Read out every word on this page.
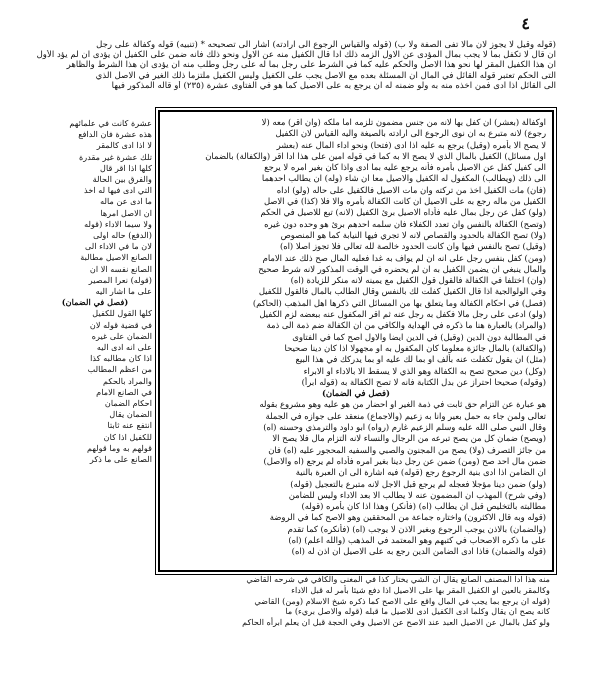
٤

(قوله وقيل لا يجوز لان مالا تفى الصفة ولا ب) (قوله والقياس الرجوع الى ارادته) أشار الى تصحيحه * (تنبيه) قوله وكفالة على رجل

ان قال لا تكفل بما لا يجب بمال المؤدى عن الاول الزمه ذلك ادا قال الكفيل منه عن الاول ونحو ذلك فأنه ضمن على الكفيل ان يؤدى ان لم يؤد الأول

ان هذا الكفيل المقر لها نحو هذا الاصل والحكم عليه كما في الشرط على رجل بما له على رجل وطلب منه ان يؤدى ان هذا الشرط والظاهر

التى الحكم تعتبر قوله القائل في المال ان المسئلة بعده مع الاصل يجب على الكفيل وليس الكفيل ملتزما ذلك الغير في الاصل الذي

الى القائل اذا ادى فمن اخذه منه به ولو ضمنه له ان يرجع به على الاصيل كما هو في الفتاوى عشرة (٢٣٥) أو قاله المذكور فيها

اوكفالة (بعشر) ان كفل بها لانه من جنس مضمون تلزمه اما ملكه (وان اقر) معه (لا

رجوع) لانه متبرع به ان نوى الرجوع الى ارادته بالصيغة واليه القياس لان الكفيل

لا يصح الا بأمره (وقيل) يرجع به عليه اذا ادى (فتحا) ونحو اداء المال عنه (بعشر

اول مسائل) الكفيل بالمال الذي لا يصح الا به كما في قوله امين على هذا ادا اقر (والكفالة) بالضمان

الى كفيل كفل عن الاصيل بأمره فأنه يرجع عليه بما ادى واذا كان بغير امره لا يرجع

الى ذلك (ويطالب) المكفول له الكفيل والاصيل معا ان شاء (وله) ان يطالب احدهما

(فان) مات الكفيل اخذ من تركته وان مات الاصيل فالكفيل على حاله (ولو) اداه

الكفيل من ماله رجع به على الاصيل ان كانت الكفالة بأمره والا فلا (كذا) في الاصل

(ولو) كفل عن رجل بمال عليه فأداه الاصيل برئ الكفيل (لانه) تبع للاصيل في الحكم

(وتصح) الكفالة بالنفس وان تعدد الكفلاء فان سلمه احدهم برئ هو وحده دون غيره

(ولا) تصح الكفالة بالحدود والقصاص لانه لا تجري فيها النيابة كما هو المنصوص

(وقيل) تصح بالنفس فيها وان كانت الحدود خالصة لله تعالى فلا تجوز اصلا (اه)

(ومن) كفل بنفس رجل على انه ان لم يواف به غدا فعليه المال صح ذلك عند الامام

والمال ينبغي ان يضمن الكفيل به ان لم يحضره في الوقت المذكور لانه شرط صحيح

(وان) اختلفا في الكفالة فالقول قول الكفيل مع يمينه لانه منكر للزيادة (اه)

وفي الولوالجية اذا قال الكفيل كفلت لك بالنفس وقال الطالب بالمال فالقول للكفيل

(فصل) في احكام الكفالة وما يتعلق بها من المسائل التي ذكرها اهل المذهب (الحاكم)

(ولو) ادعى على رجل مالا فكفل به رجل عنه ثم اقر المكفول عنه ببعضه لزم الكفيل

(والمراد) بالعبارة هنا ما ذكره في الهداية والكافي من ان الكفالة ضم ذمة الى ذمة

في المطالبة دون الدين (وقيل) في الدين ايضا والاول اصح كما في الفتاوى

(والكفالة) بالمال جائزة معلوما كان المكفول به او مجهولا اذا كان دينا صحيحا

(مثل) ان يقول تكفلت عنه بألف او بما لك عليه او بما يدركك في هذا البيع

(وكل) دين صحيح تصح به الكفالة وهو الذي لا يسقط الا بالاداء او الابراء

(وقوله) صحيحا احتراز عن بدل الكتابة فانه لا تصح الكفالة به (قوله ابرأ)

(فصل في الضمان)

هو عبارة عن التزام حق ثابت في ذمة الغير او احضار من هو عليه وهو مشروع بقوله

تعالى ولمن جاء به حمل بعير وانا به زعيم (والاجماع) منعقد على جوازه في الجملة

وقال النبي صلى الله عليه وسلم الزعيم غارم (رواه) ابو داود والترمذي وحسنه (اه)

(ويصح) ضمان كل من يصح تبرعه من الرجال والنساء لانه التزام مال فلا يصح الا

من جائز التصرف (ولا) يصح من المجنون والصبي والسفيه المحجور عليه (اه) فان

ضمن مال احد صح (ومن) ضمن عن رجل دينا بغير امره فأداه لم يرجع (اه والاصل)

ان الضامن اذا ادى بنية الرجوع رجع (قوله) فيه اشارة الى ان العبرة بالنية

(ولو) ضمن دينا مؤجلا فعجله لم يرجع قبل الاجل لانه متبرع بالتعجيل (قوله)

(وفي شرح) المهذب ان المضمون عنه لا يطالب الا بعد الاداء وليس للضامن

مطالبته بالتخليص قبل ان يطالب (اه) (فأنكر) وهذا اذا كان بأمره (قوله)

(قوله وبه قال الاكثرون) واختاره جماعة من المحققين وهو الاصح كما في الروضة

(والضمان) بالاذن يوجب الرجوع وبغير الاذن لا يوجب (اه) (فأنكره) كما تقدم

على ما ذكره الاصحاب في كتبهم وهو المعتمد في المذهب (والله اعلم) (اه)

(قوله والضمان) فاذا ادى الضامن الدين رجع به على الاصيل ان اذن له (اه)

عشرة كانت في علمائهم

هذه عشرة فان الدافع

لا اذا ادى كالمقر

تلك عشرة غير مقدرة

كلها اذا اقر قال

والفرق بين الحالة

التي ادى فيها له اخذ

ما ادى عن ماله

ان الاصل امرها

ولا سيما الاداء (قوله

(الدفع) حاله اولى

لان ما في الاداء الى

الصانع الاصيل مطالبة

الصانع نفسه الا ان

(قوله) نعرا المصير

على ما اشار اليه

(فصل في الضمان)

كلها القول للكفيل

في قضية قوله لان

الضمان على غيره

على انه ادى اليه

اذا كان مطالبه كذا

من اعظم المطالب

والمراد بالحكم

في الصانع الامام

احكام الضمان

الضمان يقال

انتفع عنه ثابتا

للكفيل اذا كان

قولهم به وما قولهم

الصانع على ما ذكر

منه هذا ادا المصنف الصانع يقال ان الشي يختار كذا في المغنى والكافي في شرحه القاضي

وكالمقر بالعين او الكفيل المقر بها على الاصيل اذا دفع شيئا بأمر له قبل الاداء

(قوله ان يرجع بما يجب في المال واقع على الاصح كما ذكره شيخ الاسلام (ومن) القاضي

كانه يصح ان يقال وكلما ادى الكفيل ادى للاصيل ما قبله (قوله والاصل بريء) ما

ولو كفل بالمال عن الاصيل العبد عند الاصح عن الاصيل وفي الحجة قبل ان يعلم ابرأه الحاكم
